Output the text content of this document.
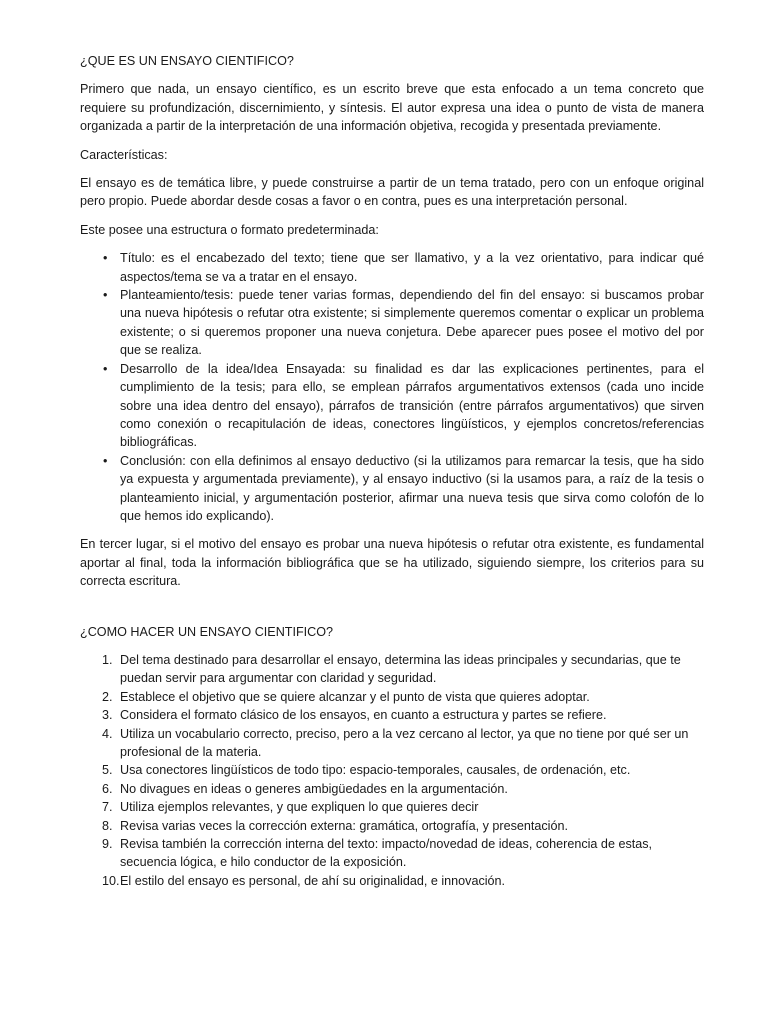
¿QUE ES UN ENSAYO CIENTIFICO?

Primero que nada, un ensayo científico, es un escrito breve que esta enfocado a un tema concreto que requiere su profundización, discernimiento, y síntesis. El autor expresa una idea o punto de vista de manera organizada a partir de la interpretación de una información objetiva, recogida y presentada previamente.

Características:

El ensayo es de temática libre, y puede construirse a partir de un tema tratado, pero con un enfoque original pero propio. Puede abordar desde cosas a favor o en contra, pues es una interpretación personal.

Este posee una estructura o formato predeterminada:

• Título: es el encabezado del texto; tiene que ser llamativo, y a la vez orientativo, para indicar qué aspectos/tema se va a tratar en el ensayo.
• Planteamiento/tesis: puede tener varias formas, dependiendo del fin del ensayo: si buscamos probar una nueva hipótesis o refutar otra existente; si simplemente queremos comentar o explicar un problema existente; o si queremos proponer una nueva conjetura. Debe aparecer pues posee el motivo del por que se realiza.
• Desarrollo de la idea/Idea Ensayada: su finalidad es dar las explicaciones pertinentes, para el cumplimiento de la tesis; para ello, se emplean párrafos argumentativos extensos (cada uno incide sobre una idea dentro del ensayo), párrafos de transición (entre párrafos argumentativos) que sirven como conexión o recapitulación de ideas, conectores lingüísticos, y ejemplos concretos/referencias bibliográficas.
• Conclusión: con ella definimos al ensayo deductivo (si la utilizamos para remarcar la tesis, que ha sido ya expuesta y argumentada previamente), y al ensayo inductivo (si la usamos para, a raíz de la tesis o planteamiento inicial, y argumentación posterior, afirmar una nueva tesis que sirva como colofón de lo que hemos ido explicando).

En tercer lugar, si el motivo del ensayo es probar una nueva hipótesis o refutar otra existente, es fundamental aportar al final, toda la información bibliográfica que se ha utilizado, siguiendo siempre, los criterios para su correcta escritura.

¿COMO HACER UN ENSAYO CIENTIFICO?

1. Del tema destinado para desarrollar el ensayo, determina las ideas principales y secundarias, que te puedan servir para argumentar con claridad y seguridad.
2. Establece el objetivo que se quiere alcanzar y el punto de vista que quieres adoptar.
3. Considera el formato clásico de los ensayos, en cuanto a estructura y partes se refiere.
4. Utiliza un vocabulario correcto, preciso, pero a la vez cercano al lector, ya que no tiene por qué ser un profesional de la materia.
5. Usa conectores lingüísticos de todo tipo: espacio-temporales, causales, de ordenación, etc.
6. No divagues en ideas o generes ambigüedades en la argumentación.
7. Utiliza ejemplos relevantes, y que expliquen lo que quieres decir
8. Revisa varias veces la corrección externa: gramática, ortografía, y presentación.
9. Revisa también la corrección interna del texto: impacto/novedad de ideas, coherencia de estas, secuencia lógica, e hilo conductor de la exposición.
10. El estilo del ensayo es personal, de ahí su originalidad, e innovación.
